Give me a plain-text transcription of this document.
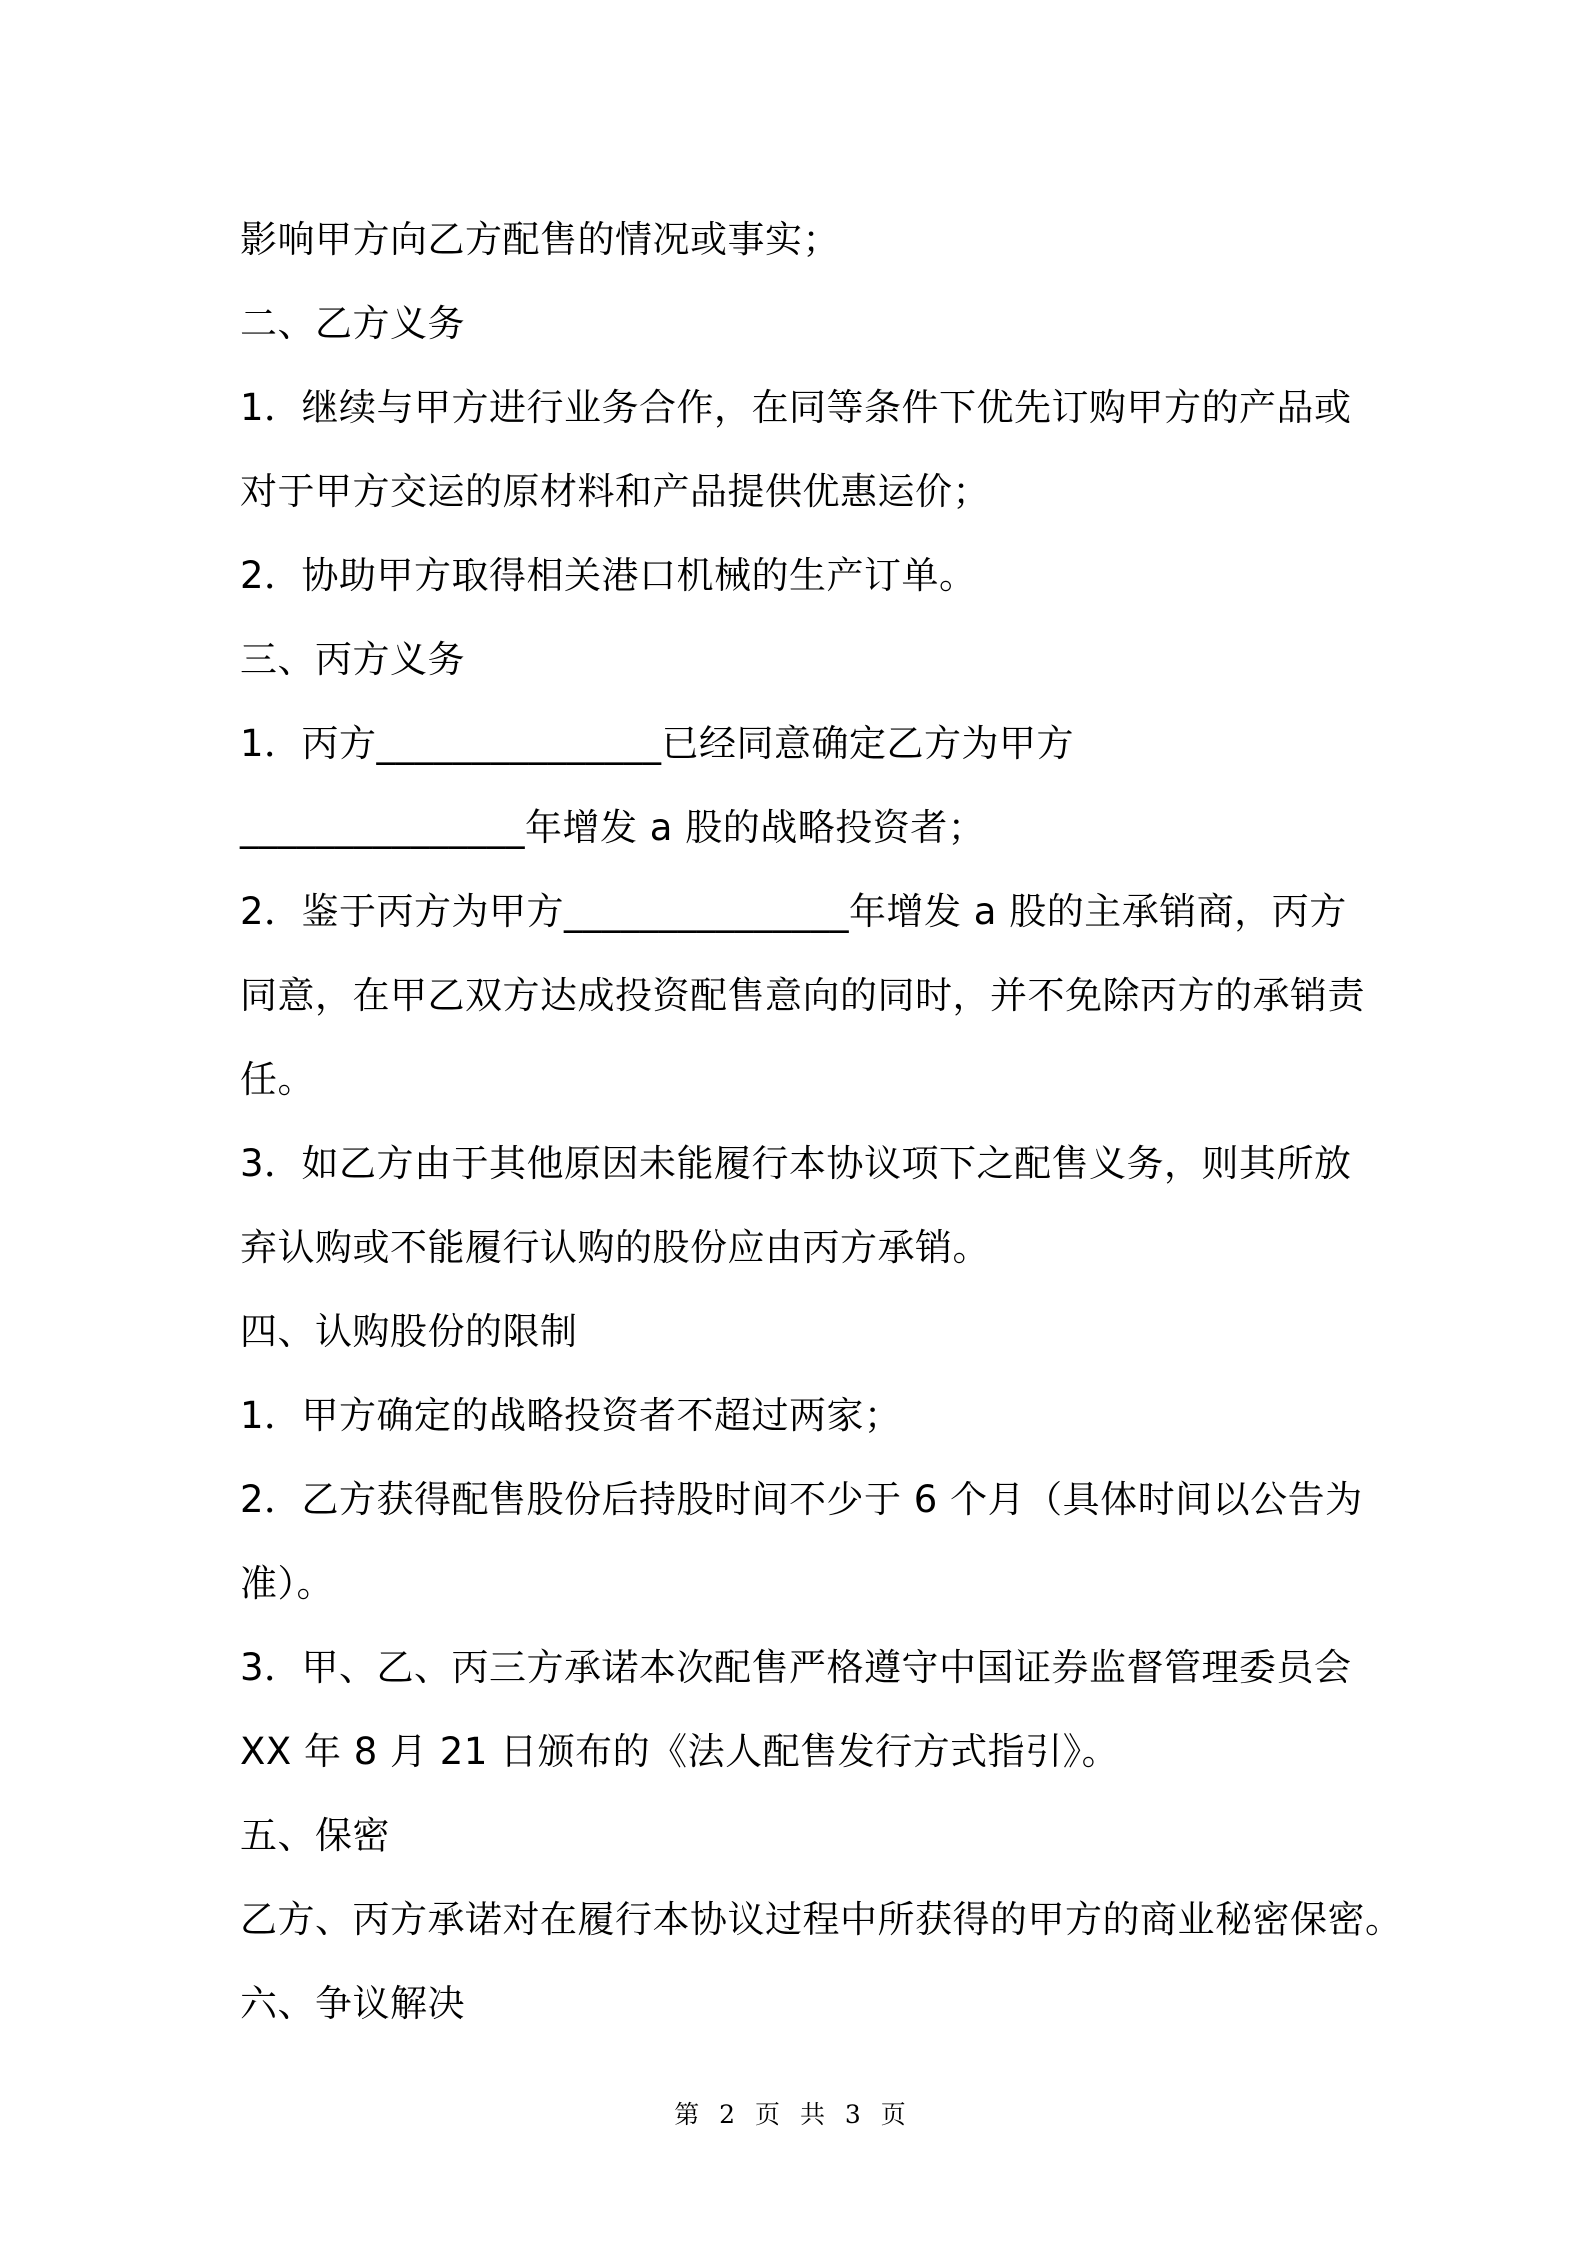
影响甲方向乙方配售的情况或事实；
二、乙方义务
1．继续与甲方进行业务合作，在同等条件下优先订购甲方的产品或
对于甲方交运的原材料和产品提供优惠运价；
2．协助甲方取得相关港口机械的生产订单。
三、丙方义务
1．丙方_______________已经同意确定乙方为甲方
_______________年增发 a 股的战略投资者；
2．鉴于丙方为甲方_______________年增发 a 股的主承销商，丙方
同意，在甲乙双方达成投资配售意向的同时，并不免除丙方的承销责
任。
3．如乙方由于其他原因未能履行本协议项下之配售义务，则其所放
弃认购或不能履行认购的股份应由丙方承销。
四、认购股份的限制
1．甲方确定的战略投资者不超过两家；
2．乙方获得配售股份后持股时间不少于 6 个月（具体时间以公告为
准）。
3．甲、乙、丙三方承诺本次配售严格遵守中国证券监督管理委员会
XX 年 8 月 21 日颁布的《法人配售发行方式指引》。
五、保密
乙方、丙方承诺对在履行本协议过程中所获得的甲方的商业秘密保密。
六、争议解决
第 2 页 共 3 页
